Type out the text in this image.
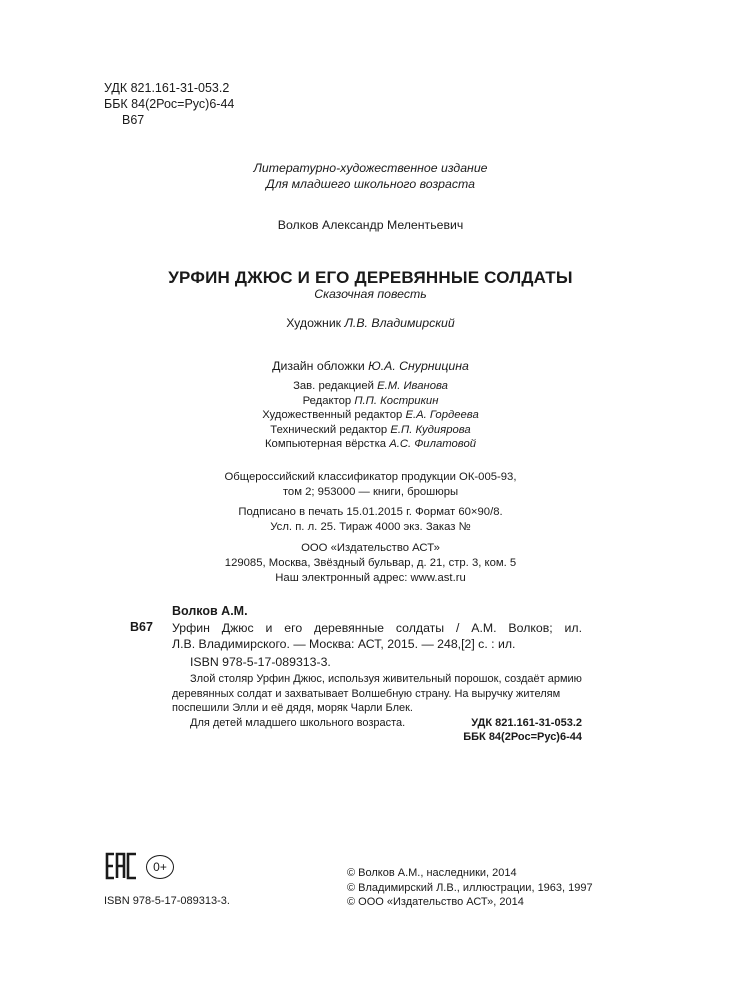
УДК 821.161-31-053.2
ББК 84(2Рос=Рус)6-44
В67
Литературно-художественное издание
Для младшего школьного возраста
Волков Александр Мелентьевич
УРФИН ДЖЮС И ЕГО ДЕРЕВЯННЫЕ СОЛДАТЫ
Сказочная повесть
Художник Л.В. Владимирский
Дизайн обложки Ю.А. Снурницина
Зав. редакцией Е.М. Иванова
Редактор П.П. Кострикин
Художественный редактор Е.А. Гордеева
Технический редактор Е.П. Кудиярова
Компьютерная вёрстка А.С. Филатовой
Общероссийский классификатор продукции ОК-005-93,
том 2; 953000 — книги, брошюры
Подписано в печать 15.01.2015 г. Формат 60×90/8.
Усл. п. л. 25. Тираж 4000 экз. Заказ №
ООО «Издательство АСТ»
129085, Москва, Звёздный бульвар, д. 21, стр. 3, ком. 5
Наш электронный адрес: www.ast.ru
Волков А.М.
В67 Урфин Джюс и его деревянные солдаты / А.М. Волков; ил.
Л.В. Владимирского. — Москва: АСТ, 2015. — 248,[2] с. : ил.
ISBN 978-5-17-089313-3.

Злой столяр Урфин Джюс, используя живительный порошок, создаёт армию деревянных солдат и захватывает Волшебную страну. На выручку жителям поспешили Элли и её дядя, моряк Чарли Блек.

Для детей младшего школьного возраста.	УДК 821.161-31-053.2
ББК 84(2Рос=Рус)6-44
0+
ISBN 978-5-17-089313-3.
© Волков А.М., наследники, 2014
© Владимирский Л.В., иллюстрации, 1963, 1997
© ООО «Издательство АСТ», 2014
